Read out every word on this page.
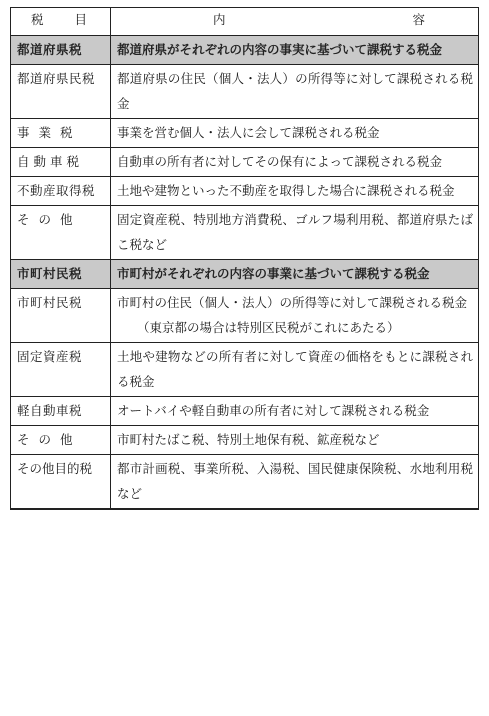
税 目	内 容

都道府県税	都道府県がそれぞれの内容の事実に基づいて課税する税金
都道府県民税	都道府県の住民（個人・法人）の所得等に対して課税される税金
事業税	事業を営む個人・法人に会して課税される税金
自動車税	自動車の所有者に対してその保有によって課税される税金
不動産取得税	土地や建物といった不動産を取得した場合に課税される税金
その他	固定資産税、特別地方消費税、ゴルフ場利用税、都道府県たばこ税など
市町村民税	市町村がそれぞれの内容の事業に基づいて課税する税金
市町村民税	市町村の住民（個人・法人）の所得等に対して課税される税金
（東京都の場合は特別区民税がこれにあたる）

固定資産税	土地や建物などの所有者に対して資産の価格をもとに課税される税金
軽自動車税	オートバイや軽自動車の所有者に対して課税される税金
その他	市町村たばこ税、特別土地保有税、鉱産税など
その他目的税	都市計画税、事業所税、入湯税、国民健康保険税、水地利用税など
